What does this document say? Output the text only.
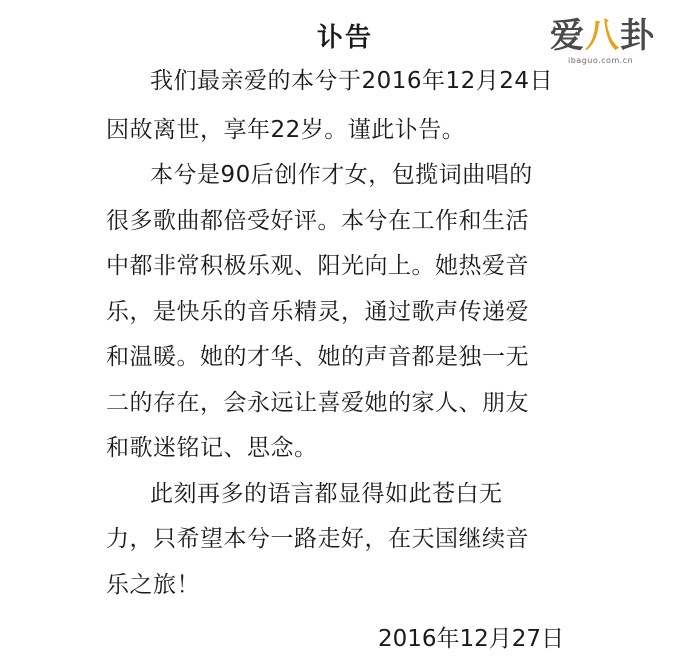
讣告	爱八卦
ibaguo.com.cn
我们最亲爱的本兮于2016年12月24日
因故离世，享年22岁。谨此讣告。
本兮是90后创作才女，包揽词曲唱的
很多歌曲都倍受好评。本兮在工作和生活
中都非常积极乐观、阳光向上。她热爱音
乐，是快乐的音乐精灵，通过歌声传递爱
和温暖。她的才华、她的声音都是独一无
二的存在，会永远让喜爱她的家人、朋友
和歌迷铭记、思念。
此刻再多的语言都显得如此苍白无
力，只希望本兮一路走好，在天国继续音
乐之旅！
2016年12月27日
